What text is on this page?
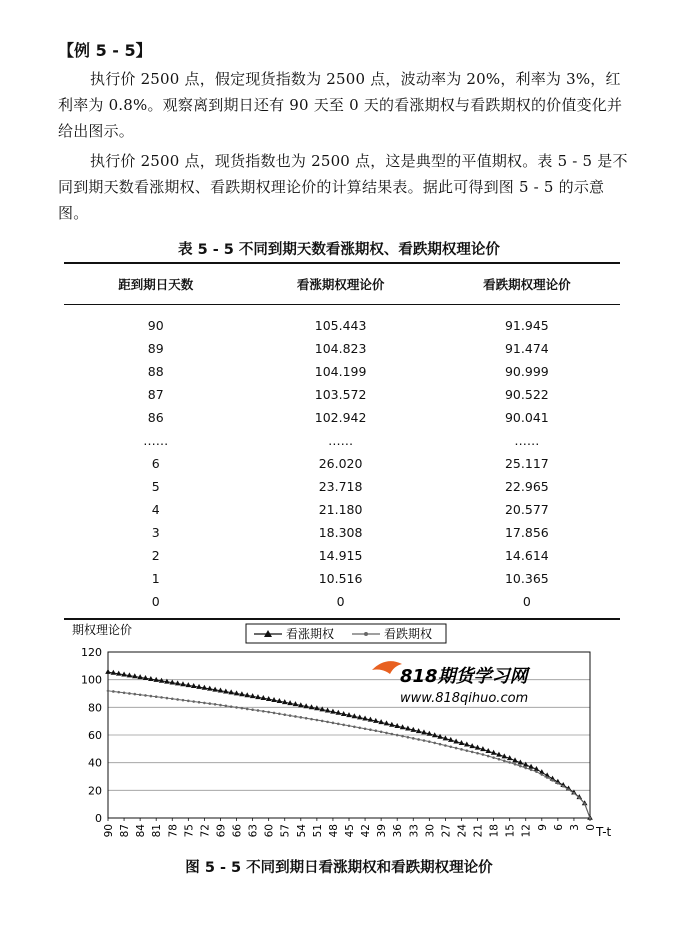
【例 5 - 5】

执行价 2500 点，假定现货指数为 2500 点，波动率为 20%，利率为 3%，红利率为 0.8%。观察离到期日还有 90 天至 0 天的看涨期权与看跌期权的价值变化并给出图示。

执行价 2500 点，现货指数也为 2500 点，这是典型的平值期权。表 5 - 5 是不同到期天数看涨期权、看跌期权理论价的计算结果表。据此可得到图 5 - 5 的示意图。

表 5 - 5 不同到期天数看涨期权、看跌期权理论价
距到期日天数	看涨期权理论价	看跌期权理论价
90	105.443	91.945
89	104.823	91.474
88	104.199	90.999
87	103.572	90.522
86	102.942	90.041
……	……	……
6	26.020	25.117
5	23.718	22.965
4	21.180	20.577
3	18.308	17.856
2	14.915	14.614
1	10.516	10.365
0	0	0
0
20
40
60
80
100
120
90 87 84 81 78 75 72 69 66 63 60 57 54 51 48 45 42 39 36 33 30 27 24 21 18 15 12 9 6 3 0
期权理论价
T-t
看涨期权	看跌期权
818期货学习网
www.818qihuo.com
图 5 - 5 不同到期日看涨期权和看跌期权理论价
